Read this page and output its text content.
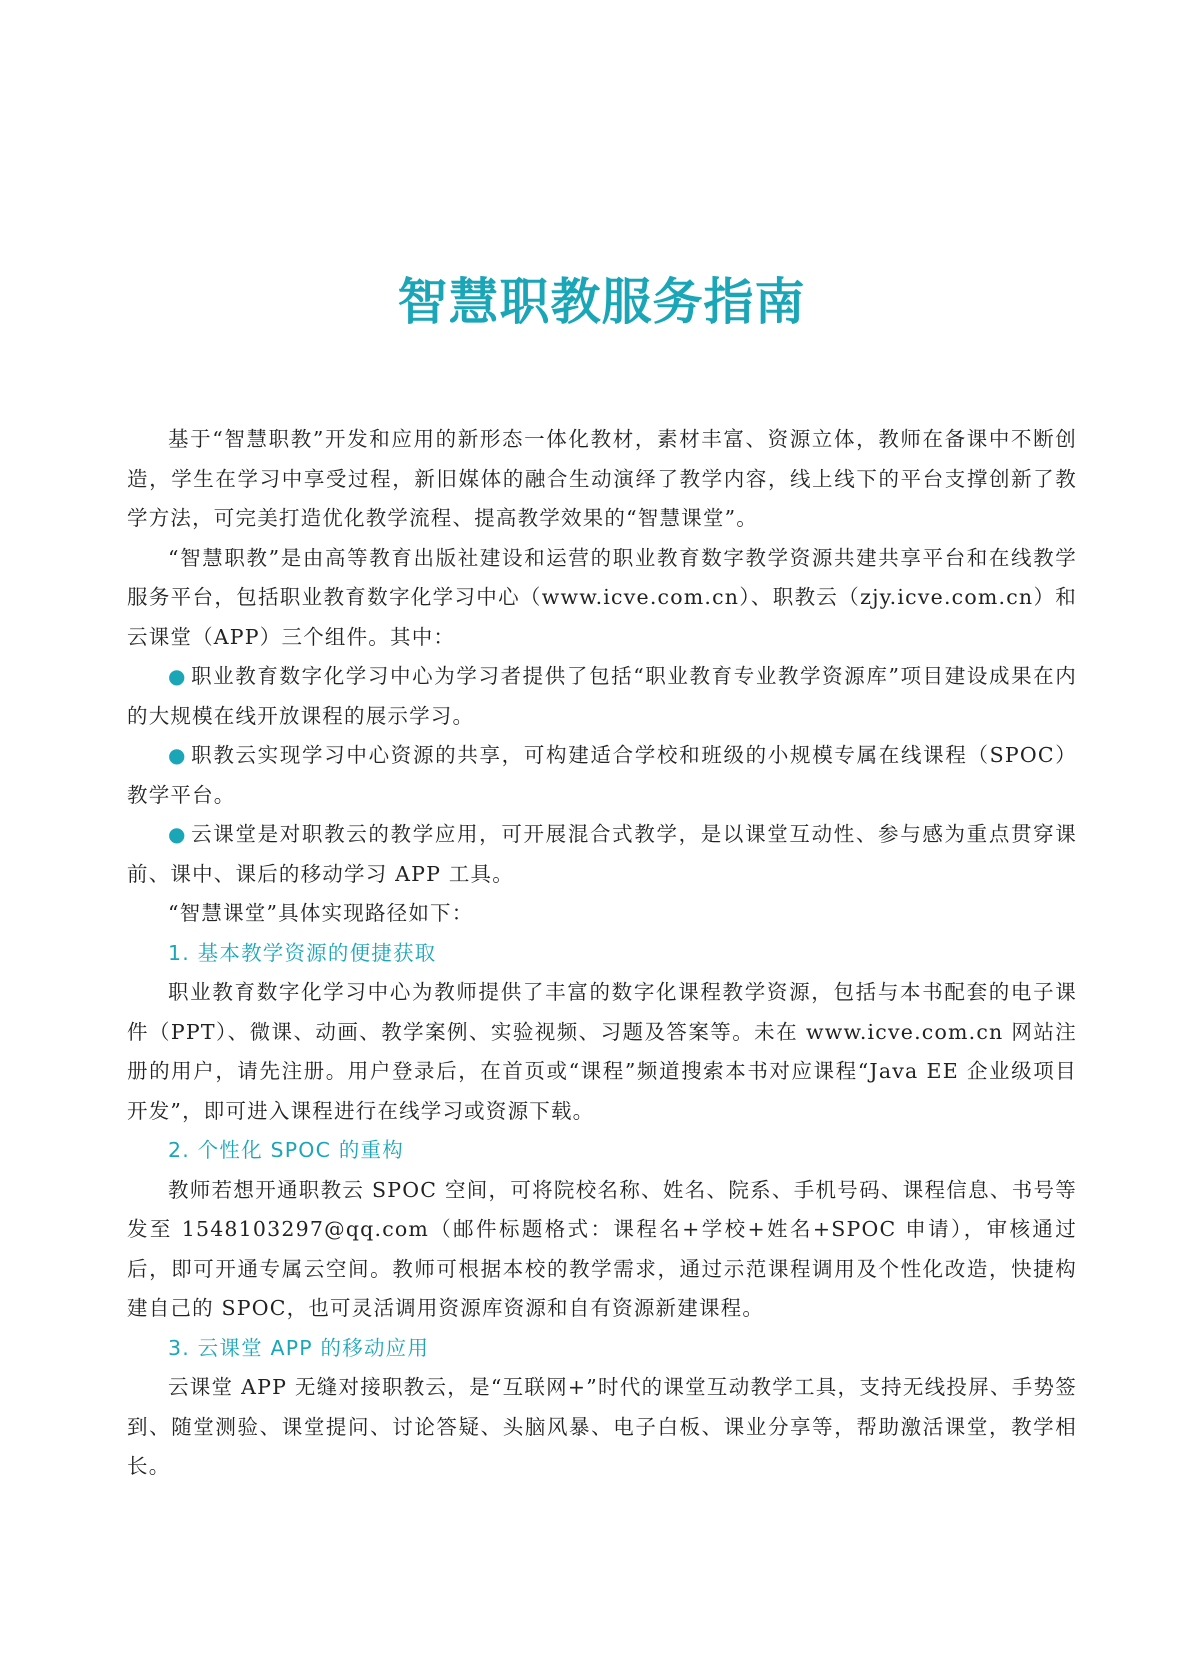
智慧职教服务指南

基于“智慧职教”开发和应用的新形态一体化教材，素材丰富、资源立体，教师在备课中不断创造，学生在学习中享受过程，新旧媒体的融合生动演绎了教学内容，线上线下的平台支撑创新了教学方法，可完美打造优化教学流程、提高教学效果的“智慧课堂”。

“智慧职教”是由高等教育出版社建设和运营的职业教育数字教学资源共建共享平台和在线教学服务平台，包括职业教育数字化学习中心（www.icve.com.cn）、职教云（zjy.icve.com.cn）和云课堂（APP）三个组件。其中：

● 职业教育数字化学习中心为学习者提供了包括“职业教育专业教学资源库”项目建设成果在内的大规模在线开放课程的展示学习。

● 职教云实现学习中心资源的共享，可构建适合学校和班级的小规模专属在线课程（SPOC）教学平台。

● 云课堂是对职教云的教学应用，可开展混合式教学，是以课堂互动性、参与感为重点贯穿课前、课中、课后的移动学习 APP 工具。

“智慧课堂”具体实现路径如下：

1. 基本教学资源的便捷获取

职业教育数字化学习中心为教师提供了丰富的数字化课程教学资源，包括与本书配套的电子课件（PPT）、微课、动画、教学案例、实验视频、习题及答案等。未在 www.icve.com.cn 网站注册的用户，请先注册。用户登录后，在首页或“课程”频道搜索本书对应课程“Java EE 企业级项目开发”，即可进入课程进行在线学习或资源下载。

2. 个性化 SPOC 的重构

教师若想开通职教云 SPOC 空间，可将院校名称、姓名、院系、手机号码、课程信息、书号等发至 1548103297@qq.com（邮件标题格式：课程名+学校+姓名+SPOC 申请），审核通过后，即可开通专属云空间。教师可根据本校的教学需求，通过示范课程调用及个性化改造，快捷构建自己的 SPOC，也可灵活调用资源库资源和自有资源新建课程。

3. 云课堂 APP 的移动应用

云课堂 APP 无缝对接职教云，是“互联网+”时代的课堂互动教学工具，支持无线投屏、手势签到、随堂测验、课堂提问、讨论答疑、头脑风暴、电子白板、课业分享等，帮助激活课堂，教学相长。
